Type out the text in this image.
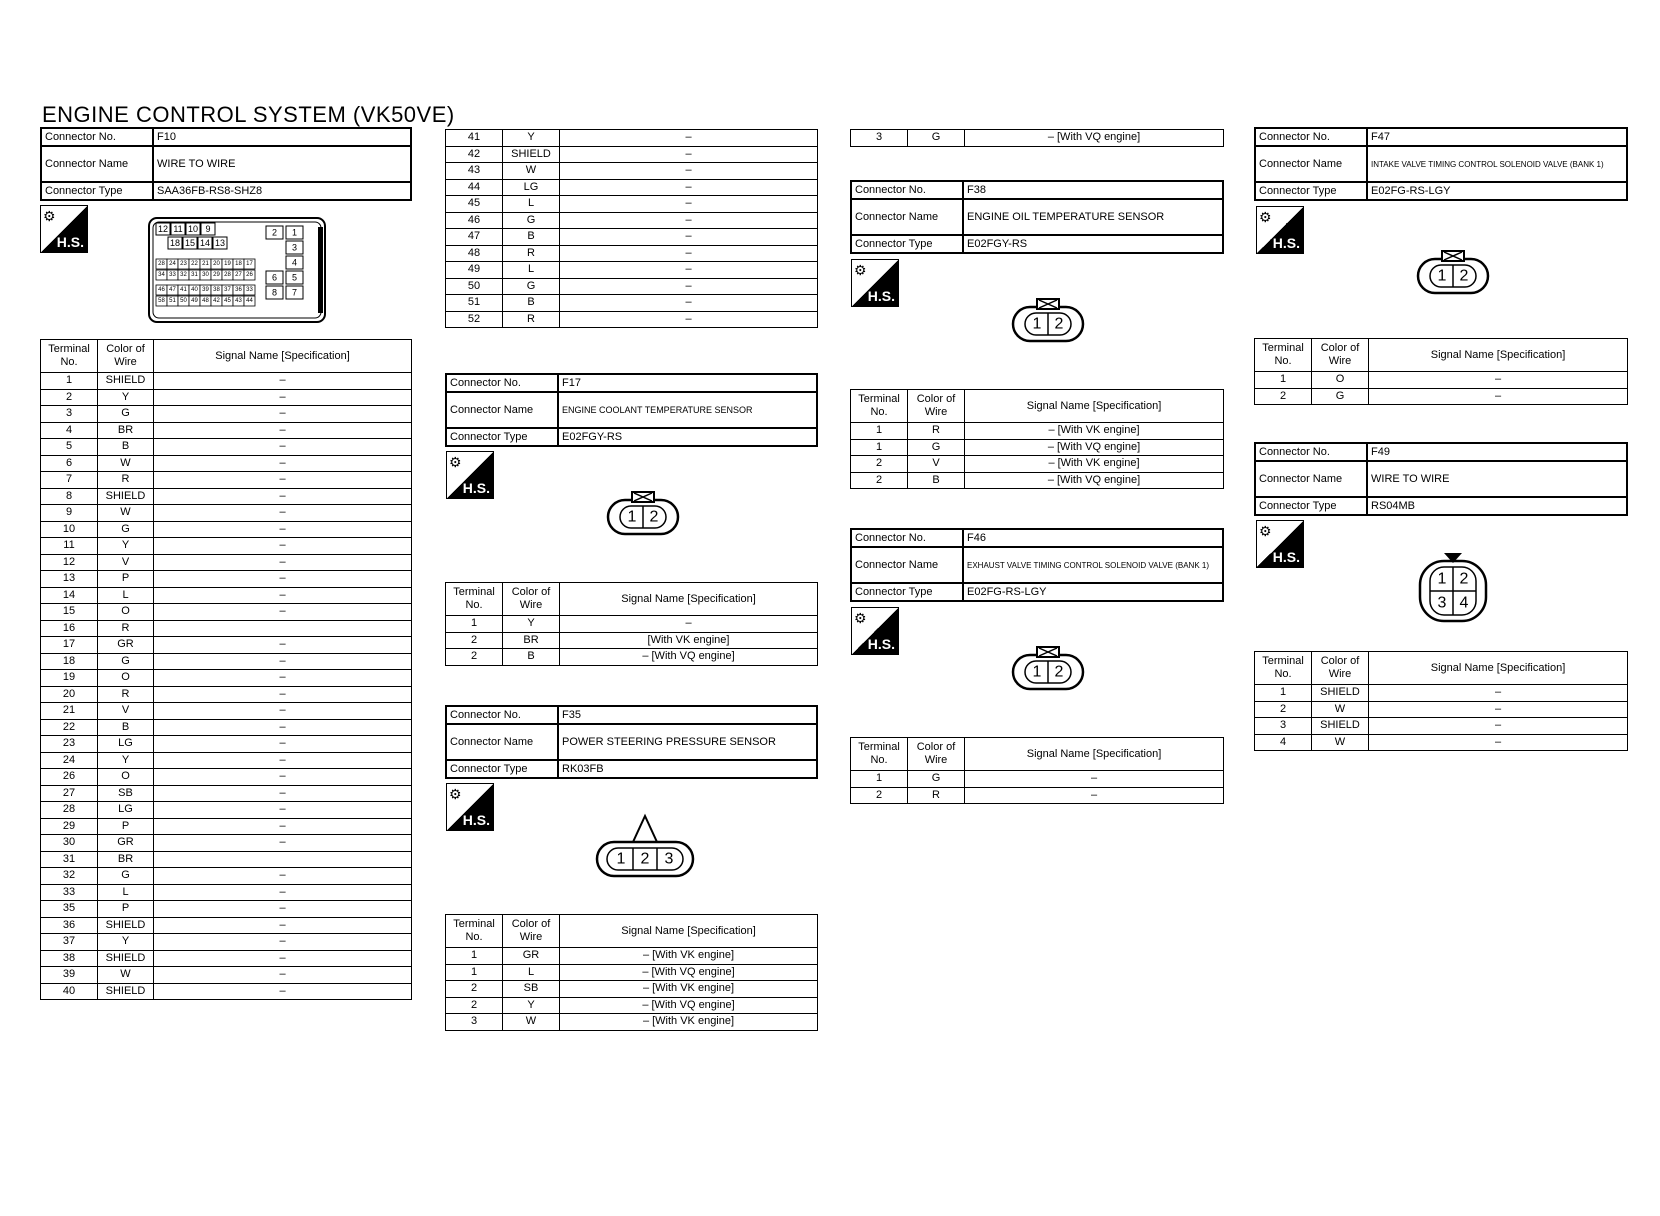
ENGINE CONTROL SYSTEM (VK50VE)
Connector No.	F10
Connector Name	WIRE TO WIRE
Connector Type	SAA36FB-RS8-SHZ8
⚙
H.S.
12 11 10 9
18 15 14 13
28 24 23 22 21 20 19 18 17
34 33 32 31 30 29 28 27 26
46 47 41 40 39 38 37 36 33
58 51 50 49 48 42 45 43 44
2 1
3
4
6 5
8 7
Terminal No.	Color of Wire	Signal Name [Specification]
1	SHIELD	–
2	Y	–
3	G	–
4	BR	–
5	B	–
6	W	–
7	R	–
8	SHIELD	–
9	W	–
10	G	–
11	Y	–
12	V	–
13	P	–
14	L	–
15	O	–
16	R	
17	GR	–
18	G	–
19	O	–
20	R	–
21	V	–
22	B	–
23	LG	–
24	Y	–
26	O	–
27	SB	–
28	LG	–
29	P	–
30	GR	–
31	BR	
32	G	–
33	L	–
35	P	–
36	SHIELD	–
37	Y	–
38	SHIELD	–
39	W	–
40	SHIELD	–
41	Y	–
42	SHIELD	–
43	W	–
44	LG	–
45	L	–
46	G	–
47	B	–
48	R	–
49	L	–
50	G	–
51	B	–
52	R	–
Connector No.	F17
Connector Name	ENGINE COOLANT TEMPERATURE SENSOR
Connector Type	E02FGY-RS
⚙
H.S.
1 2
Terminal No.	Color of Wire	Signal Name [Specification]
1	Y	–
2	BR	[With VK engine]
2	B	– [With VQ engine]
Connector No.	F35
Connector Name	POWER STEERING PRESSURE SENSOR
Connector Type	RK03FB
⚙
H.S.
1 2 3
Terminal No.	Color of Wire	Signal Name [Specification]
1	GR	– [With VK engine]
1	L	– [With VQ engine]
2	SB	– [With VK engine]
2	Y	– [With VQ engine]
3	W	– [With VK engine]
3	G	– [With VQ engine]
Connector No.	F38
Connector Name	ENGINE OIL TEMPERATURE SENSOR
Connector Type	E02FGY-RS
⚙
H.S.
1 2
Terminal No.	Color of Wire	Signal Name [Specification]
1	R	– [With VK engine]
1	G	– [With VQ engine]
2	V	– [With VK engine]
2	B	– [With VQ engine]
Connector No.	F46
Connector Name	EXHAUST VALVE TIMING CONTROL SOLENOID VALVE (BANK 1)
Connector Type	E02FG-RS-LGY
⚙
H.S.
1 2
Terminal No.	Color of Wire	Signal Name [Specification]
1	G	–
2	R	–
Connector No.	F47
Connector Name	INTAKE VALVE TIMING CONTROL SOLENOID VALVE (BANK 1)
Connector Type	E02FG-RS-LGY
⚙
H.S.
1 2
Terminal No.	Color of Wire	Signal Name [Specification]
1	O	–
2	G	–
Connector No.	F49
Connector Name	WIRE TO WIRE
Connector Type	RS04MB
⚙
H.S.
1 2
3 4
Terminal No.	Color of Wire	Signal Name [Specification]
1	SHIELD	–
2	W	–
3	SHIELD	–
4	W	–
